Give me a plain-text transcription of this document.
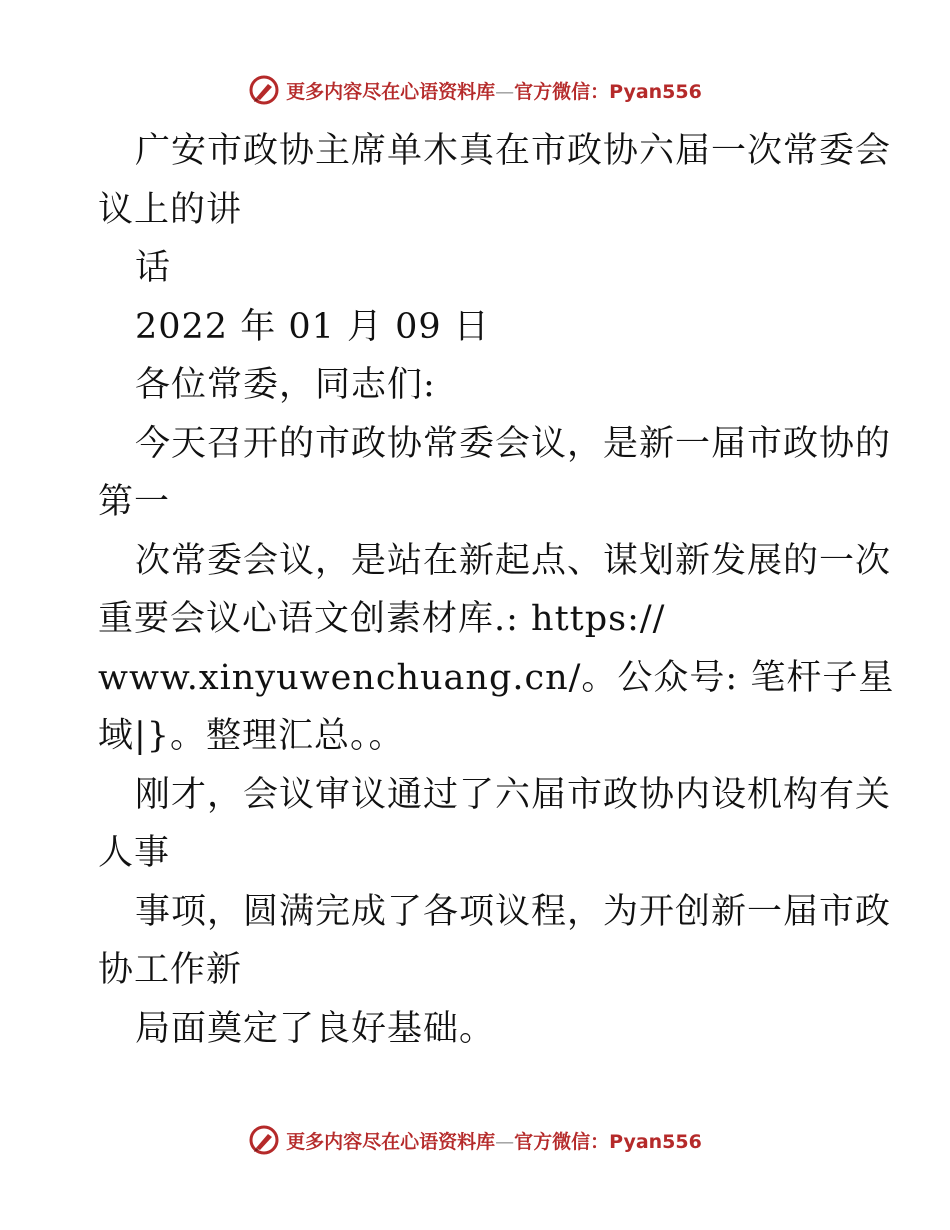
更多内容尽在心语资料库—官方微信：Pyan556
广安市政协主席单木真在市政协六届一次常委会
议上的讲
话
2022 年 01 月 09 日
各位常委，同志们:
今天召开的市政协常委会议，是新一届市政协的
第一
次常委会议，是站在新起点、谋划新发展的一次
重要会议心语文创素材库.: https://
www.xinyuwenchuang.cn/。公众号: 笔杆子星
域|}。整理汇总。。
刚才，会议审议通过了六届市政协内设机构有关
人事
事项，圆满完成了各项议程，为开创新一届市政
协工作新
局面奠定了良好基础。
更多内容尽在心语资料库—官方微信：Pyan556
